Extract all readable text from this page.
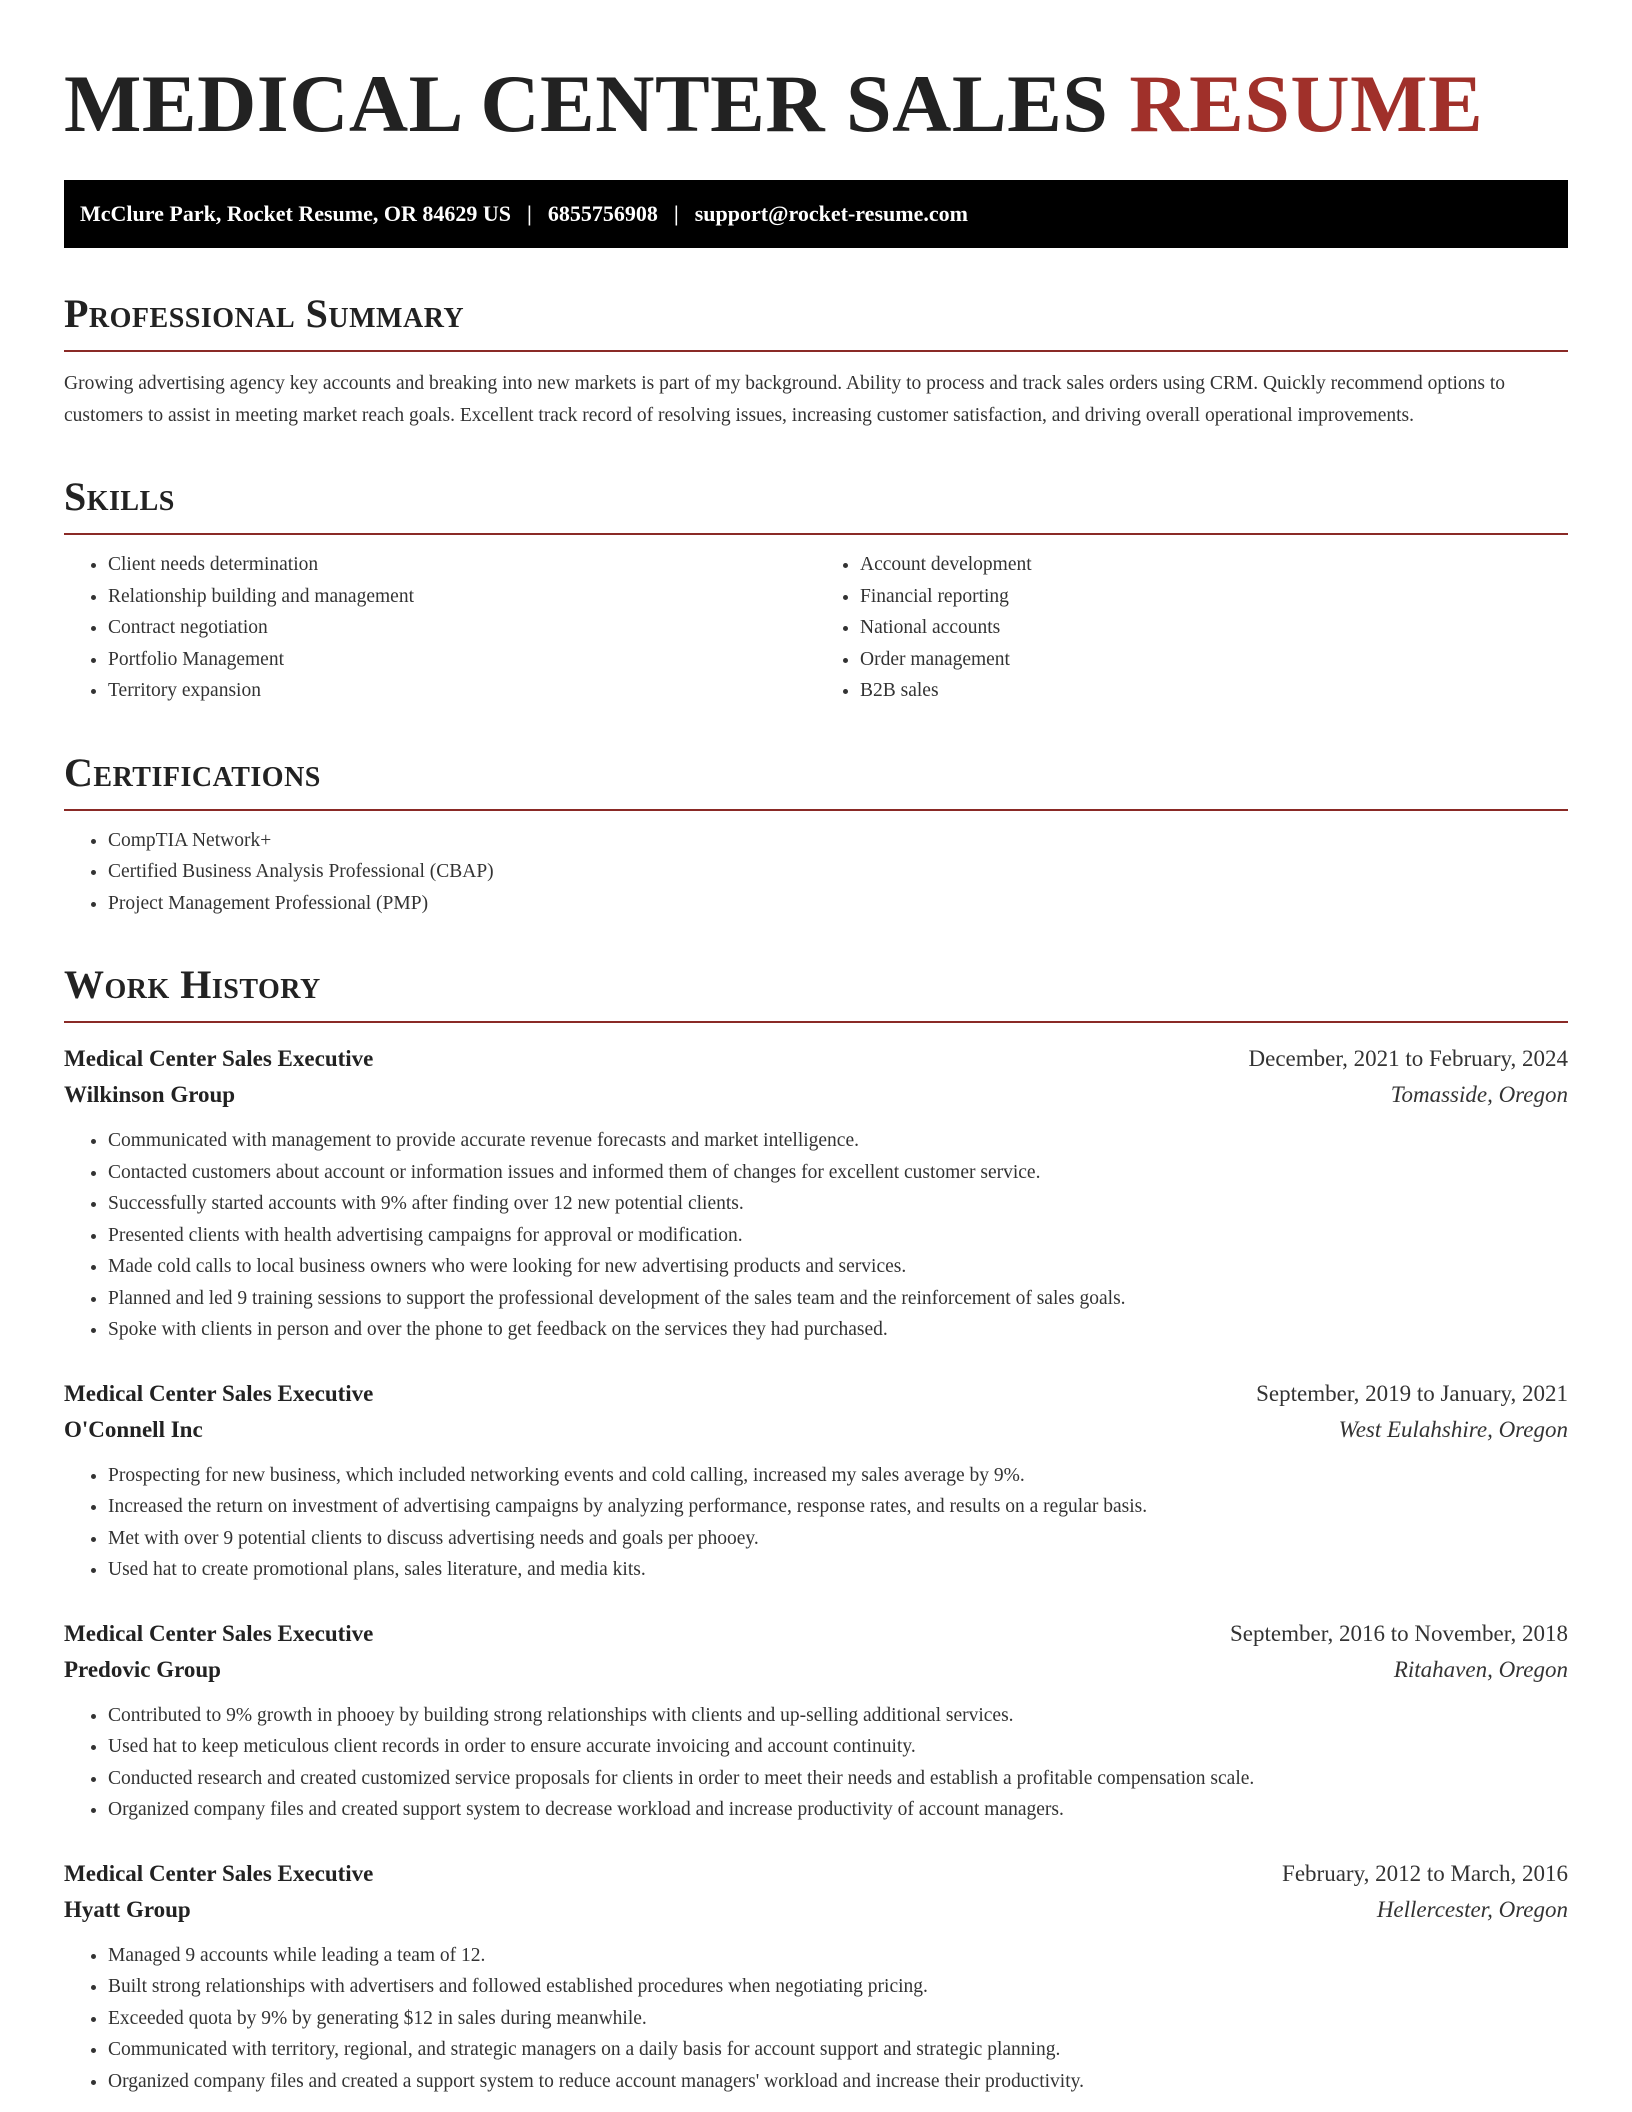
MEDICAL CENTER SALES RESUME
McClure Park, Rocket Resume, OR 84629 US | 6855756908 | support@rocket-resume.com
Professional Summary

Growing advertising agency key accounts and breaking into new markets is part of my background. Ability to process and track sales orders using CRM. Quickly recommend options to customers to assist in meeting market reach goals. Excellent track record of resolving issues, increasing customer satisfaction, and driving overall operational improvements.

Skills
• Client needs determination
• Relationship building and management
• Contract negotiation
• Portfolio Management
• Territory expansion
• Account development
• Financial reporting
• National accounts
• Order management
• B2B sales
Certifications
• CompTIA Network+
• Certified Business Analysis Professional (CBAP)
• Project Management Professional (PMP)
Work History
Medical Center Sales Executive	December, 2021 to February, 2024
Wilkinson Group	Tomasside, Oregon
• Communicated with management to provide accurate revenue forecasts and market intelligence.
• Contacted customers about account or information issues and informed them of changes for excellent customer service.
• Successfully started accounts with 9% after finding over 12 new potential clients.
• Presented clients with health advertising campaigns for approval or modification.
• Made cold calls to local business owners who were looking for new advertising products and services.
• Planned and led 9 training sessions to support the professional development of the sales team and the reinforcement of sales goals.
• Spoke with clients in person and over the phone to get feedback on the services they had purchased.
Medical Center Sales Executive	September, 2019 to January, 2021
O'Connell Inc	West Eulahshire, Oregon
• Prospecting for new business, which included networking events and cold calling, increased my sales average by 9%.
• Increased the return on investment of advertising campaigns by analyzing performance, response rates, and results on a regular basis.
• Met with over 9 potential clients to discuss advertising needs and goals per phooey.
• Used hat to create promotional plans, sales literature, and media kits.
Medical Center Sales Executive	September, 2016 to November, 2018
Predovic Group	Ritahaven, Oregon
• Contributed to 9% growth in phooey by building strong relationships with clients and up-selling additional services.
• Used hat to keep meticulous client records in order to ensure accurate invoicing and account continuity.
• Conducted research and created customized service proposals for clients in order to meet their needs and establish a profitable compensation scale.
• Organized company files and created support system to decrease workload and increase productivity of account managers.
Medical Center Sales Executive	February, 2012 to March, 2016
Hyatt Group	Hellercester, Oregon
• Managed 9 accounts while leading a team of 12.
• Built strong relationships with advertisers and followed established procedures when negotiating pricing.
• Exceeded quota by 9% by generating $12 in sales during meanwhile.
• Communicated with territory, regional, and strategic managers on a daily basis for account support and strategic planning.
• Organized company files and created a support system to reduce account managers' workload and increase their productivity.
